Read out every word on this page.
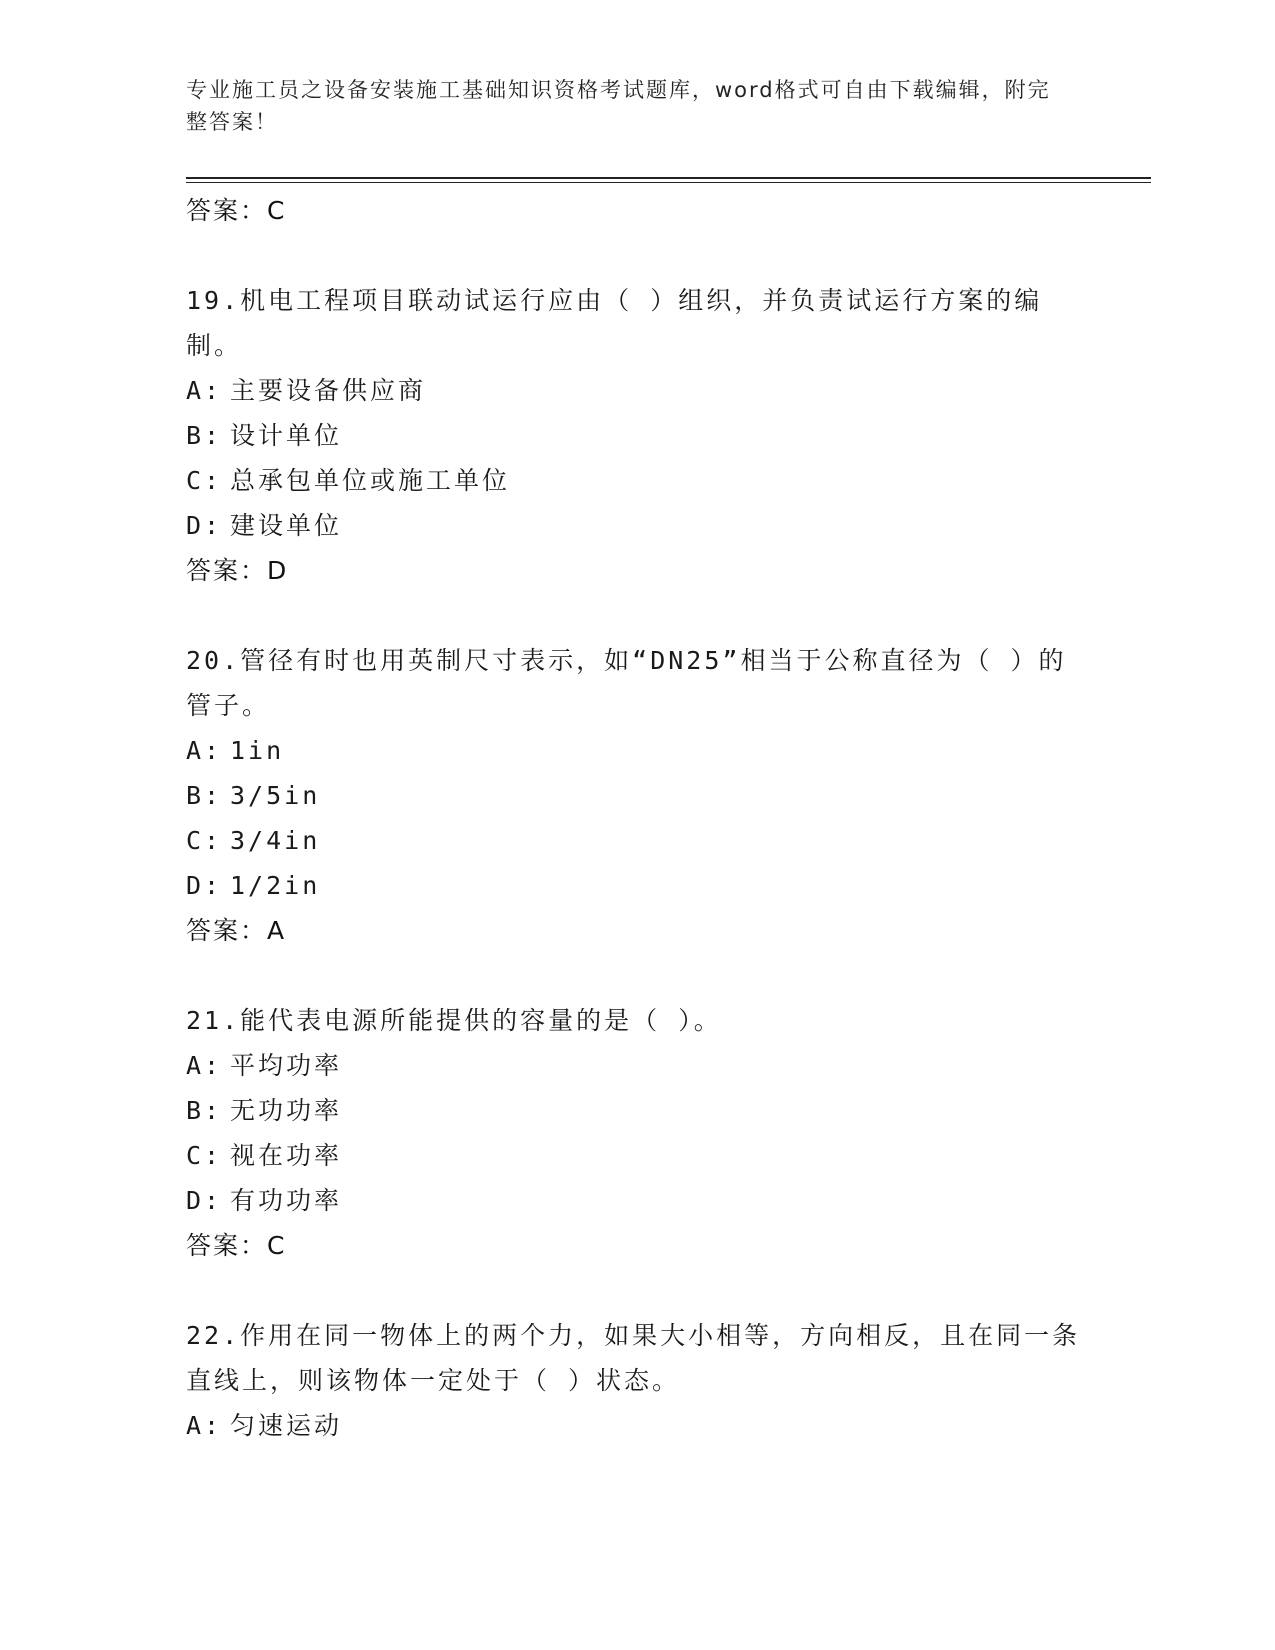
专业施工员之设备安装施工基础知识资格考试题库，word格式可自由下载编辑，附完整答案！
答案：C
19.机电工程项目联动试运行应由（ ）组织，并负责试运行方案的编制。
A: 主要设备供应商
B: 设计单位
C: 总承包单位或施工单位
D: 建设单位
答案：D
20.管径有时也用英制尺寸表示，如“DN25”相当于公称直径为（ ）的管子。
A: 1in
B: 3/5in
C: 3/4in
D: 1/2in
答案：A
21.能代表电源所能提供的容量的是（ ）。
A: 平均功率
B: 无功功率
C: 视在功率
D: 有功功率
答案：C
22.作用在同一物体上的两个力，如果大小相等，方向相反，且在同一条直线上，则该物体一定处于（ ）状态。
A: 匀速运动
